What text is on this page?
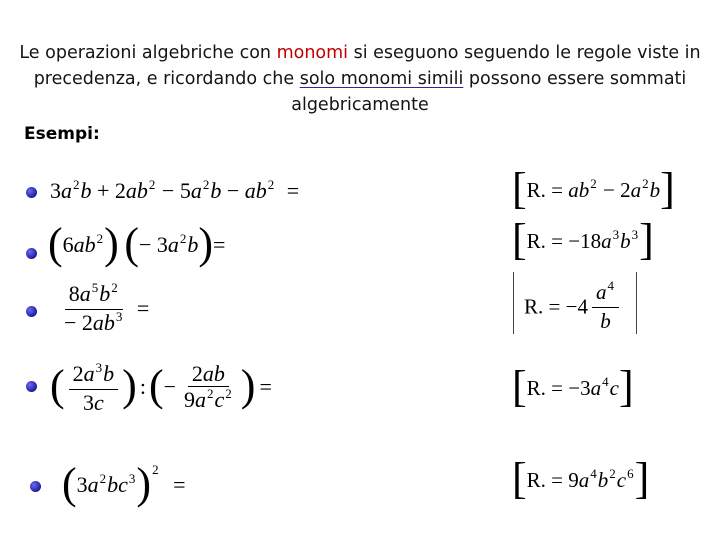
Le operazioni algebriche con monomi si eseguono seguendo le regole viste in precedenza, e ricordando che solo monomi simili possono essere sommati algebricamente
Esempi:
$3a^2b + 2ab^2 - 5a^2b - ab^2$ =
$(6ab^2)$ (− $3a^2b)=$
$\frac{8a^5b^2}{- 2ab^3}$ =
( $\frac{2a^3b}{3c}$ ) :(− $\frac{2ab}{9a^2c^2}$ ) =
$(3a^2bc^3)^2$ =
[R. = $ab^2 - 2a^2b$]
[R. = $-18a^3b^3$]
R. = $-4 \frac{a^4}{b}$
[R. = $-3a^4c$]
[R. = $9a^4b^2c^6$]
